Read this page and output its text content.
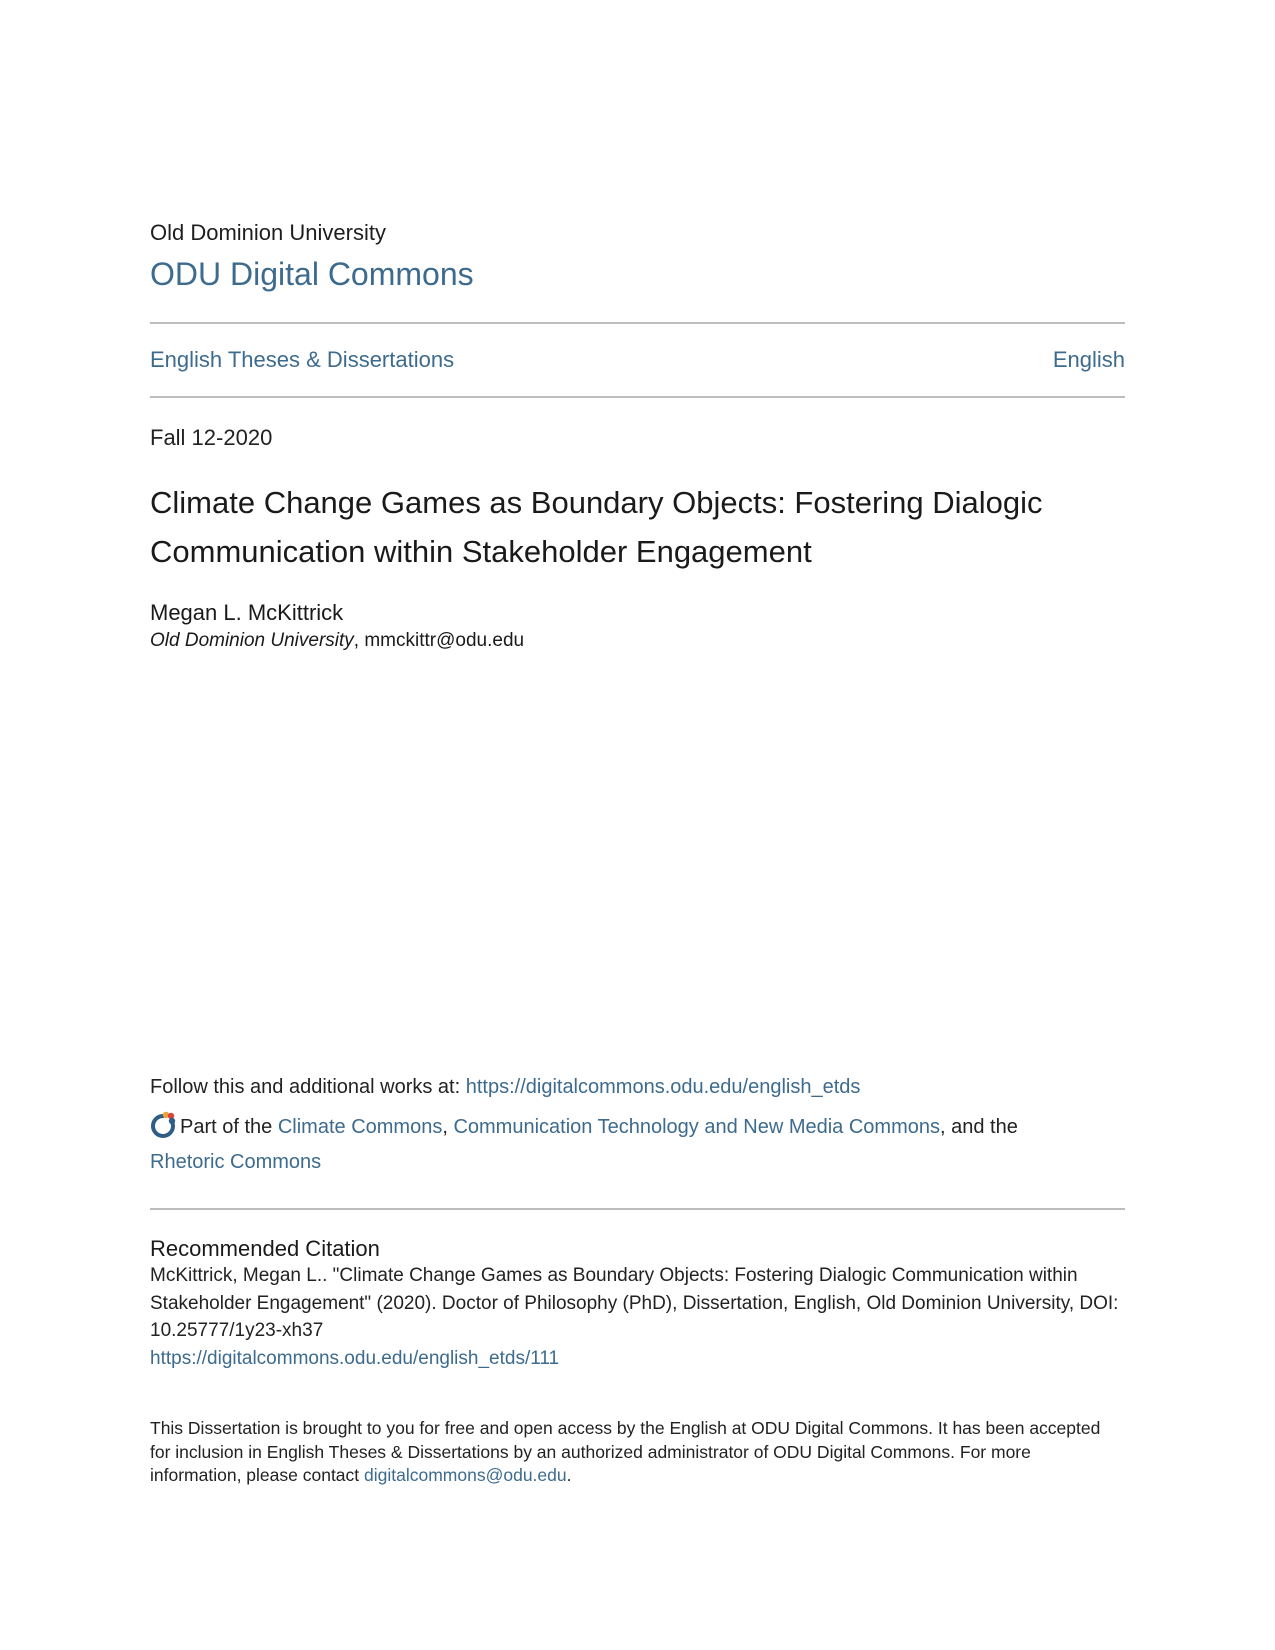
Old Dominion University
ODU Digital Commons
English Theses & Dissertations	English
Fall 12-2020
Climate Change Games as Boundary Objects: Fostering Dialogic Communication within Stakeholder Engagement
Megan L. McKittrick
Old Dominion University, mmckittr@odu.edu
Follow this and additional works at: https://digitalcommons.odu.edu/english_etds
Part of the Climate Commons, Communication Technology and New Media Commons, and the
Rhetoric Commons
Recommended Citation
McKittrick, Megan L.. "Climate Change Games as Boundary Objects: Fostering Dialogic Communication within Stakeholder Engagement" (2020). Doctor of Philosophy (PhD), Dissertation, English, Old Dominion University, DOI: 10.25777/1y23-xh37
https://digitalcommons.odu.edu/english_etds/111
This Dissertation is brought to you for free and open access by the English at ODU Digital Commons. It has been accepted for inclusion in English Theses & Dissertations by an authorized administrator of ODU Digital Commons. For more information, please contact digitalcommons@odu.edu.
